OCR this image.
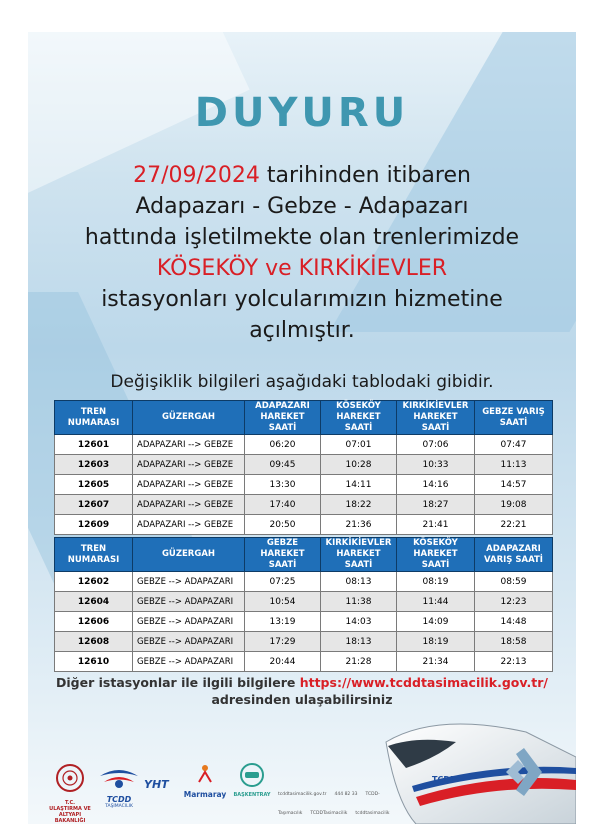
DUYURU
27/09/2024 tarihinden itibaren
Adapazarı - Gebze - Adapazarı
hattında işletilmekte olan trenlerimizde
KÖSEKÖY ve KIRKİKİEVLER
istasyonları yolcularımızın hizmetine
açılmıştır.
Değişiklik bilgileri aşağıdaki tablodaki gibidir.
TREN NUMARASI	GÜZERGAH	ADAPAZARI HAREKET SAATİ	KÖSEKÖY HAREKET SAATİ	KIRKİKİEVLER HAREKET SAATİ	GEBZE VARIŞ SAATİ
12601	ADAPAZARI --> GEBZE	06:20	07:01	07:06	07:47
12603	ADAPAZARI --> GEBZE	09:45	10:28	10:33	11:13
12605	ADAPAZARI --> GEBZE	13:30	14:11	14:16	14:57
12607	ADAPAZARI --> GEBZE	17:40	18:22	18:27	19:08
12609	ADAPAZARI --> GEBZE	20:50	21:36	21:41	22:21
TREN NUMARASI	GÜZERGAH	GEBZE HAREKET SAATİ	KIRKİKİEVLER HAREKET SAATİ	KÖSEKÖY HAREKET SAATİ	ADAPAZARI VARIŞ SAATİ
12602	GEBZE --> ADAPAZARI	07:25	08:13	08:19	08:59
12604	GEBZE --> ADAPAZARI	10:54	11:38	11:44	12:23
12606	GEBZE --> ADAPAZARI	13:19	14:03	14:09	14:48
12608	GEBZE --> ADAPAZARI	17:29	18:13	18:19	18:58
12610	GEBZE --> ADAPAZARI	20:44	21:28	21:34	22:13
Diğer istasyonlar ile ilgili bilgilere https://www.tcddtasimacilik.gov.tr/
adresinden ulaşabilirsiniz
T.C. ULAŞTIRMA VE ALTYAPI BAKANLIĞI
TCDD
TAŞIMACILIK
YHT
Marmaray	BAŞKENTRAY	tcddtasimacilik.gov.tr 444 82 33 TCDD-Taşımacılık TCDDTasimacilik tcddtasimacilik
TCDD
